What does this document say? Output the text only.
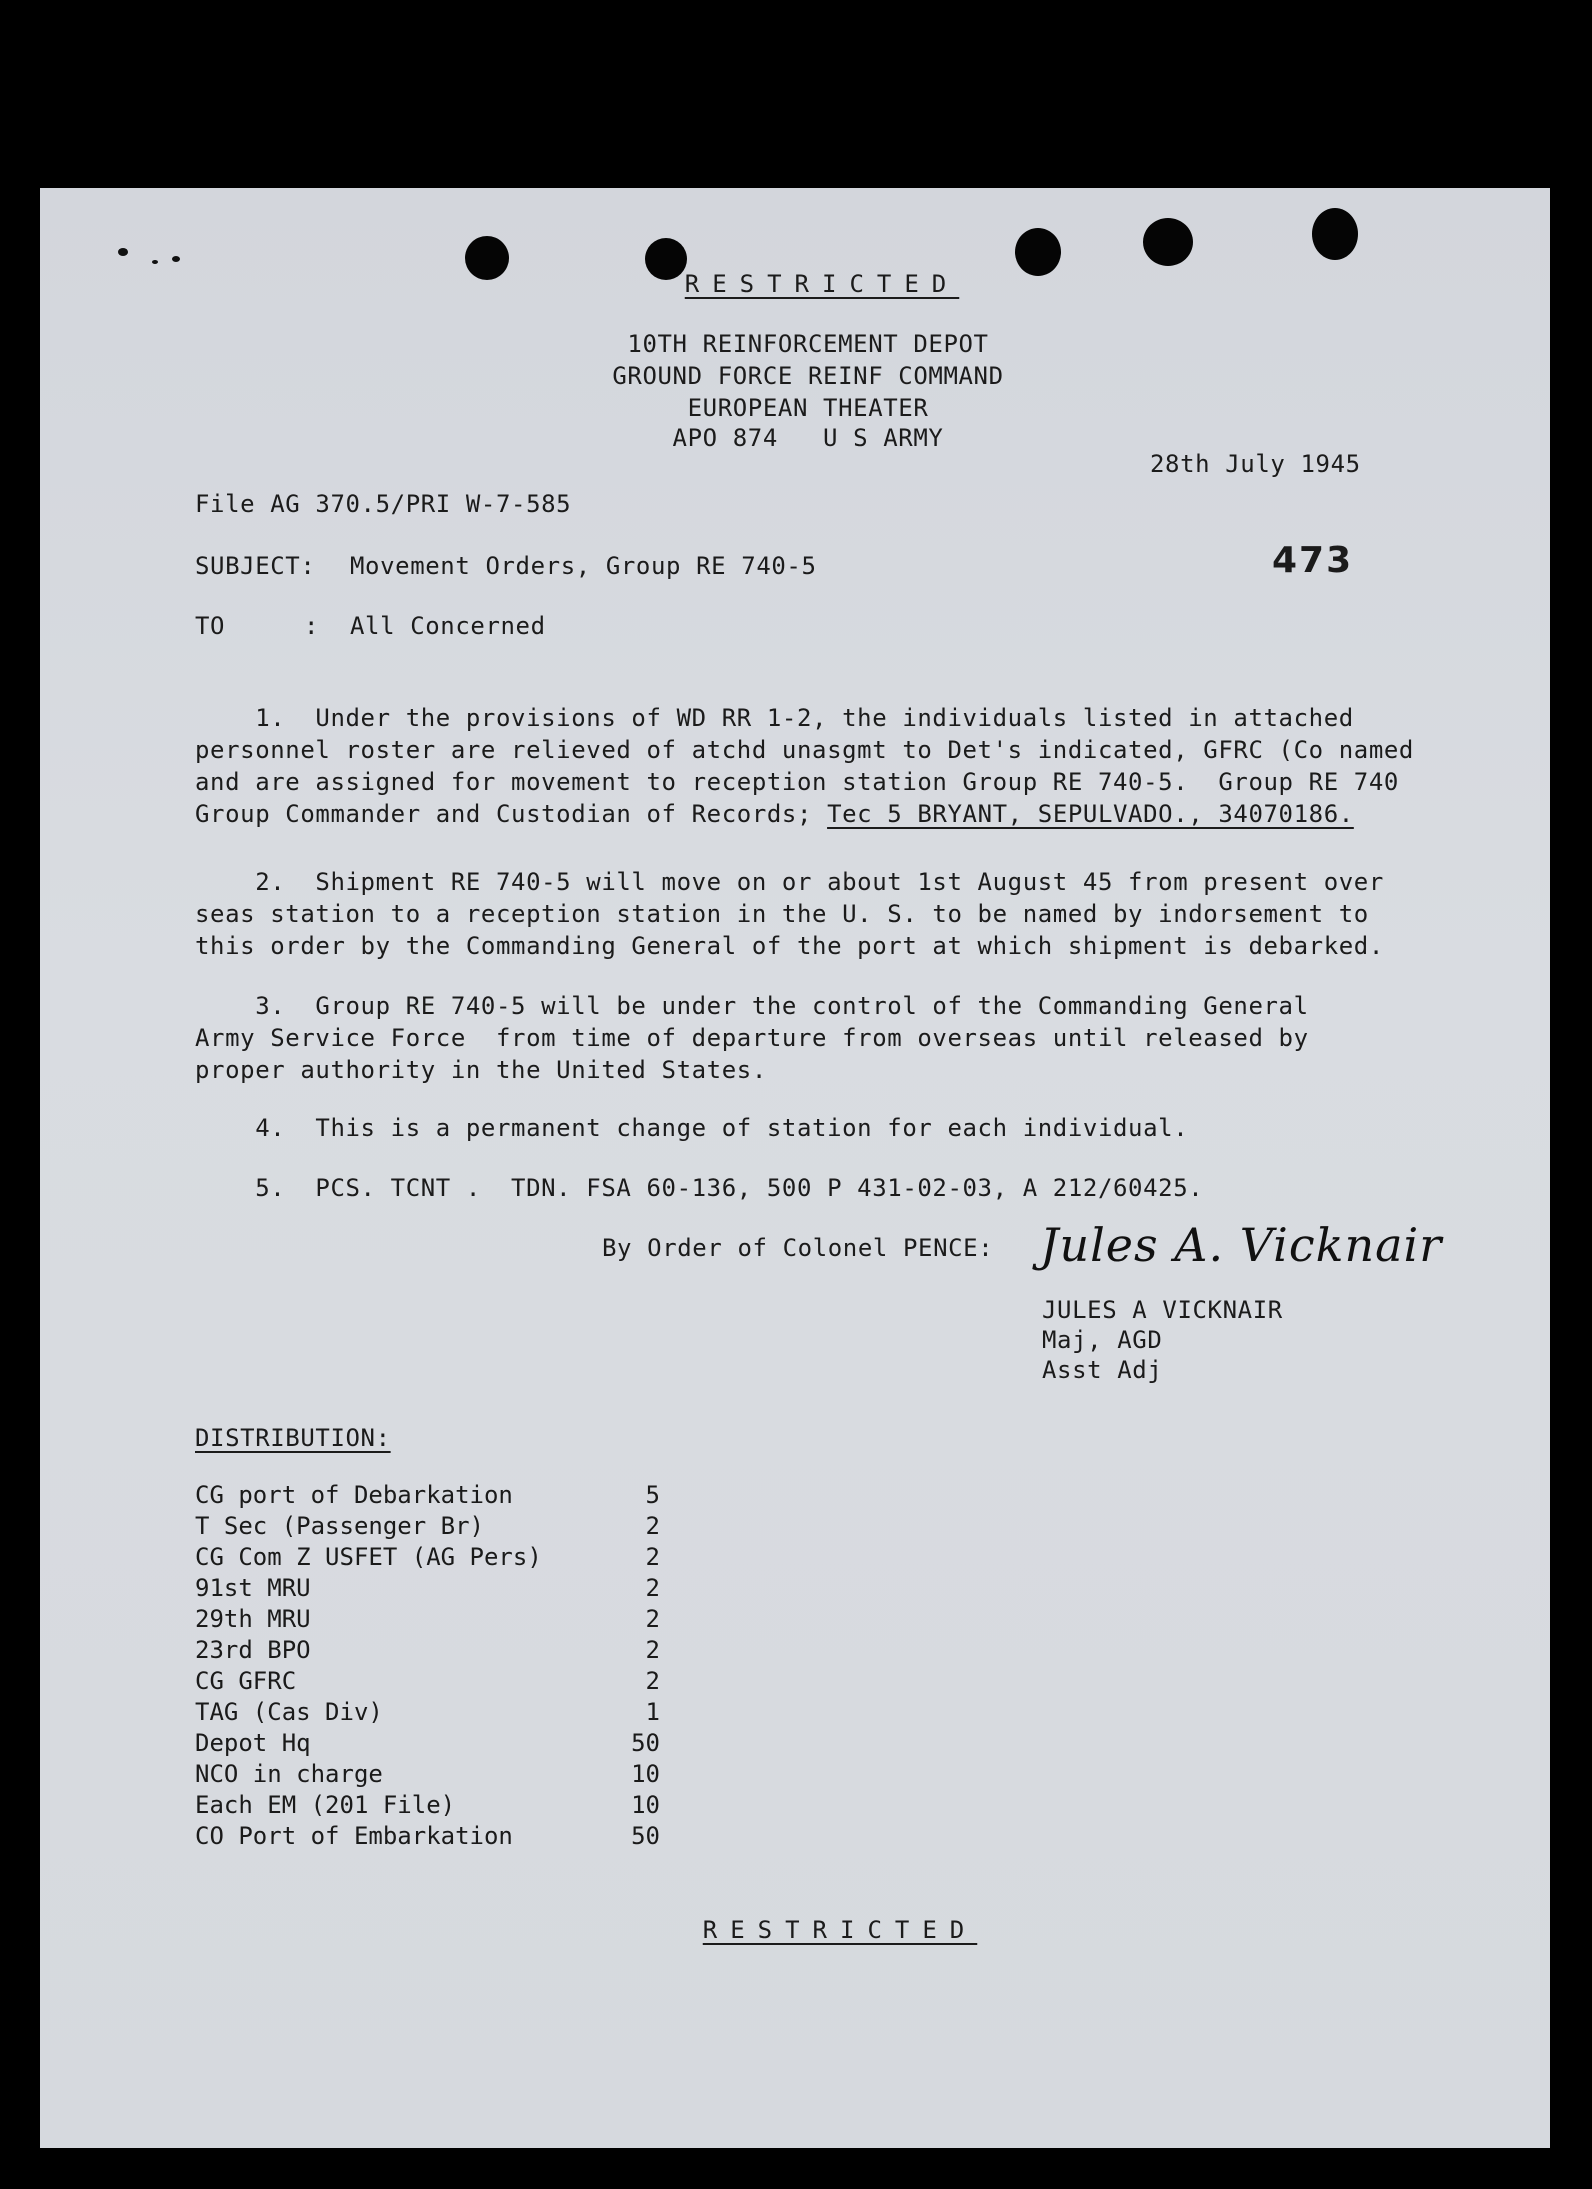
RESTRICTED
10TH REINFORCEMENT DEPOT
GROUND FORCE REINF COMMAND
EUROPEAN THEATER
APO 874   U S ARMY
28th July 1945
File AG 370.5/PRI W-7-585
SUBJECT: Movement Orders, Group RE 740-5	473
TO	: All Concerned
1.  Under the provisions of WD RR 1-2, the individuals listed in attached
personnel roster are relieved of atchd unasgmt to Det's indicated, GFRC (Co named
and are assigned for movement to reception station Group RE 740-5.  Group RE 740
Group Commander and Custodian of Records; Tec 5 BRYANT, SEPULVADO., 34070186.
2.  Shipment RE 740-5 will move on or about 1st August 45 from present over
seas station to a reception station in the U. S. to be named by indorsement to
this order by the Commanding General of the port at which shipment is debarked.
3.  Group RE 740-5 will be under the control of the Commanding General
Army Service Force  from time of departure from overseas until released by
proper authority in the United States.
4.  This is a permanent change of station for each individual.
5.  PCS. TCNT .  TDN. FSA 60-136, 500 P 431-02-03, A 212/60425.
By Order of Colonel PENCE: Jules A. Vicknair
JULES A VICKNAIR
Maj, AGD
Asst Adj
DISTRIBUTION:
CG port of Debarkation	5
T Sec (Passenger Br)	2
CG Com Z USFET (AG Pers)	2
91st MRU	2
29th MRU	2
23rd BPO	2
CG GFRC	2
TAG (Cas Div)	1
Depot Hq	50
NCO in charge	10
Each EM (201 File)	10
CO Port of Embarkation	50
RESTRICTED
